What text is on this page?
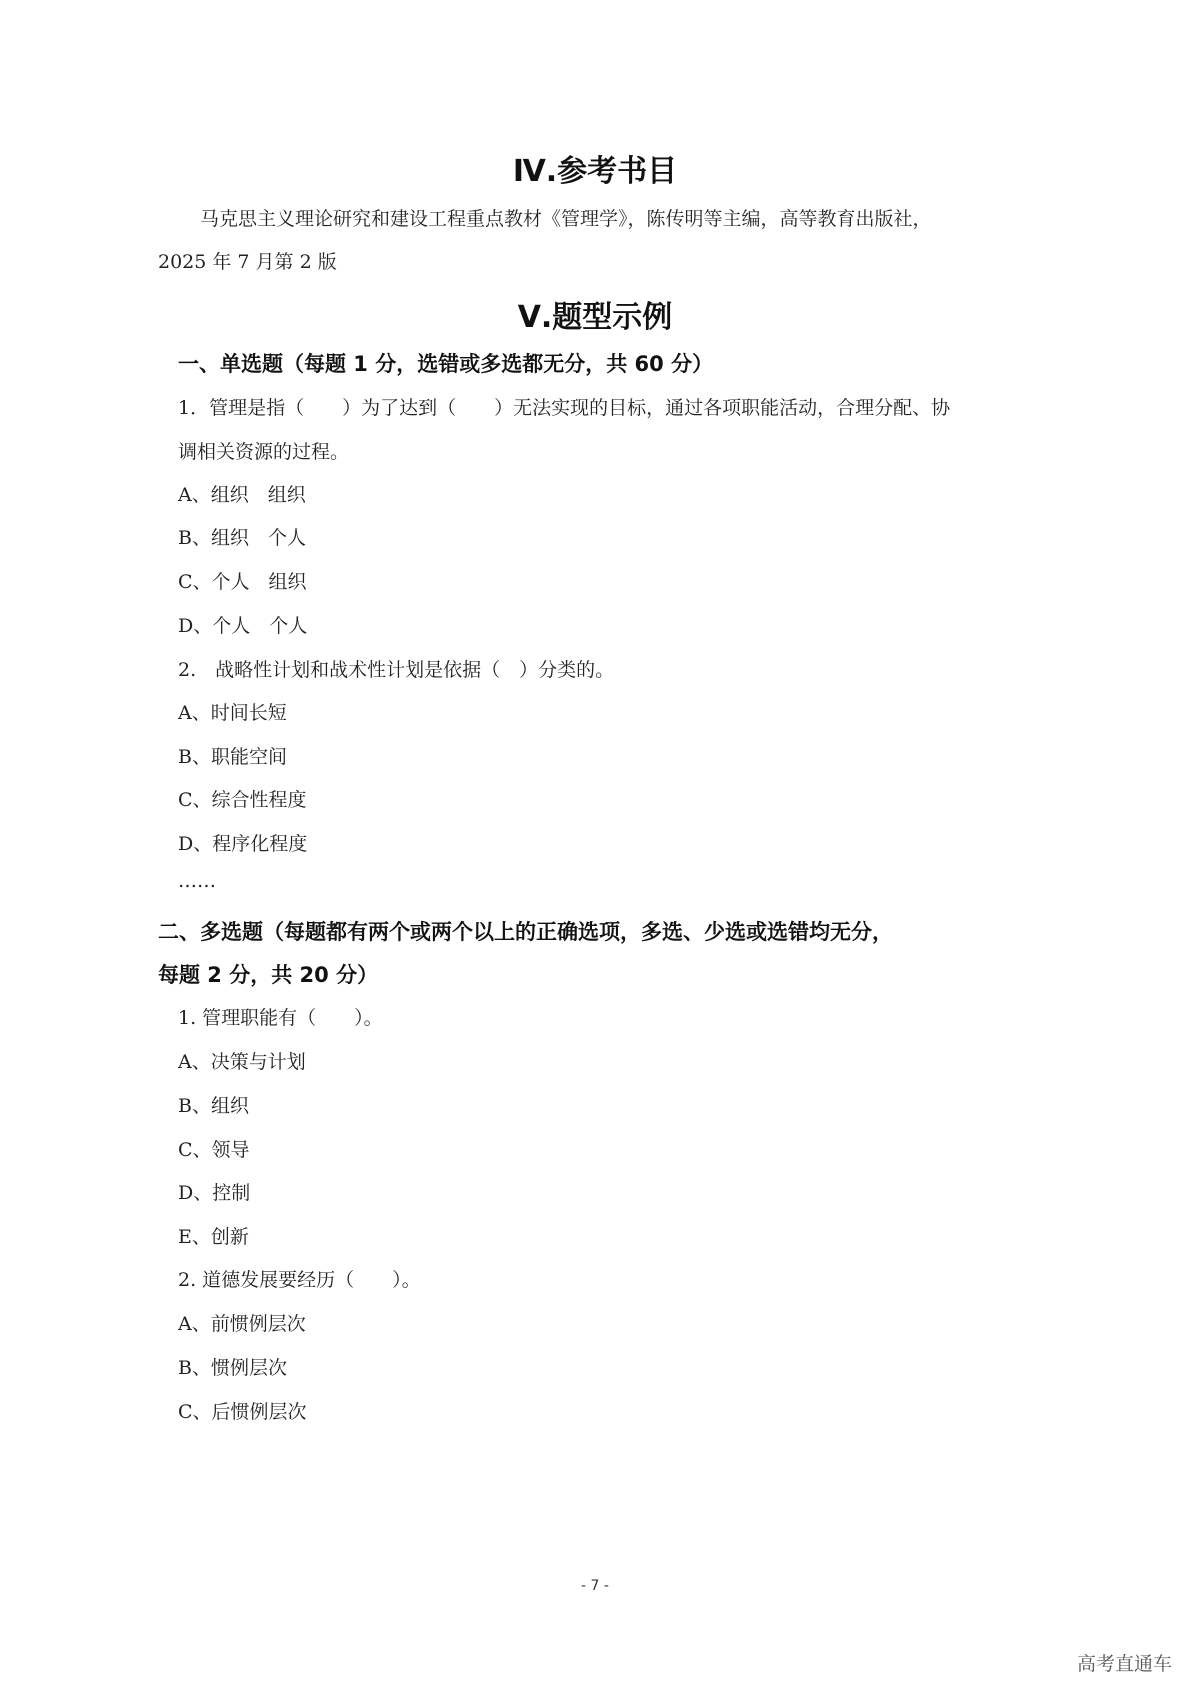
Ⅳ.参考书目
马克思主义理论研究和建设工程重点教材《管理学》，陈传明等主编，高等教育出版社，
2025 年 7 月第 2 版
Ⅴ.题型示例
一、单选题（每题 1 分，选错或多选都无分，共 60 分）
1．管理是指（　　）为了达到（　　）无法实现的目标，通过各项职能活动，合理分配、协
调相关资源的过程。
A、组织　组织
B、组织　个人
C、个人　组织
D、个人　个人
2.　战略性计划和战术性计划是依据（　）分类的。
A、时间长短
B、职能空间
C、综合性程度
D、程序化程度
……
二、多选题（每题都有两个或两个以上的正确选项，多选、少选或选错均无分，
每题 2 分，共 20 分）
1. 管理职能有（　　）。
A、决策与计划
B、组织
C、领导
D、控制
E、创新
2. 道德发展要经历（　　）。
A、前惯例层次
B、惯例层次
C、后惯例层次
- 7 -
高考直通车
